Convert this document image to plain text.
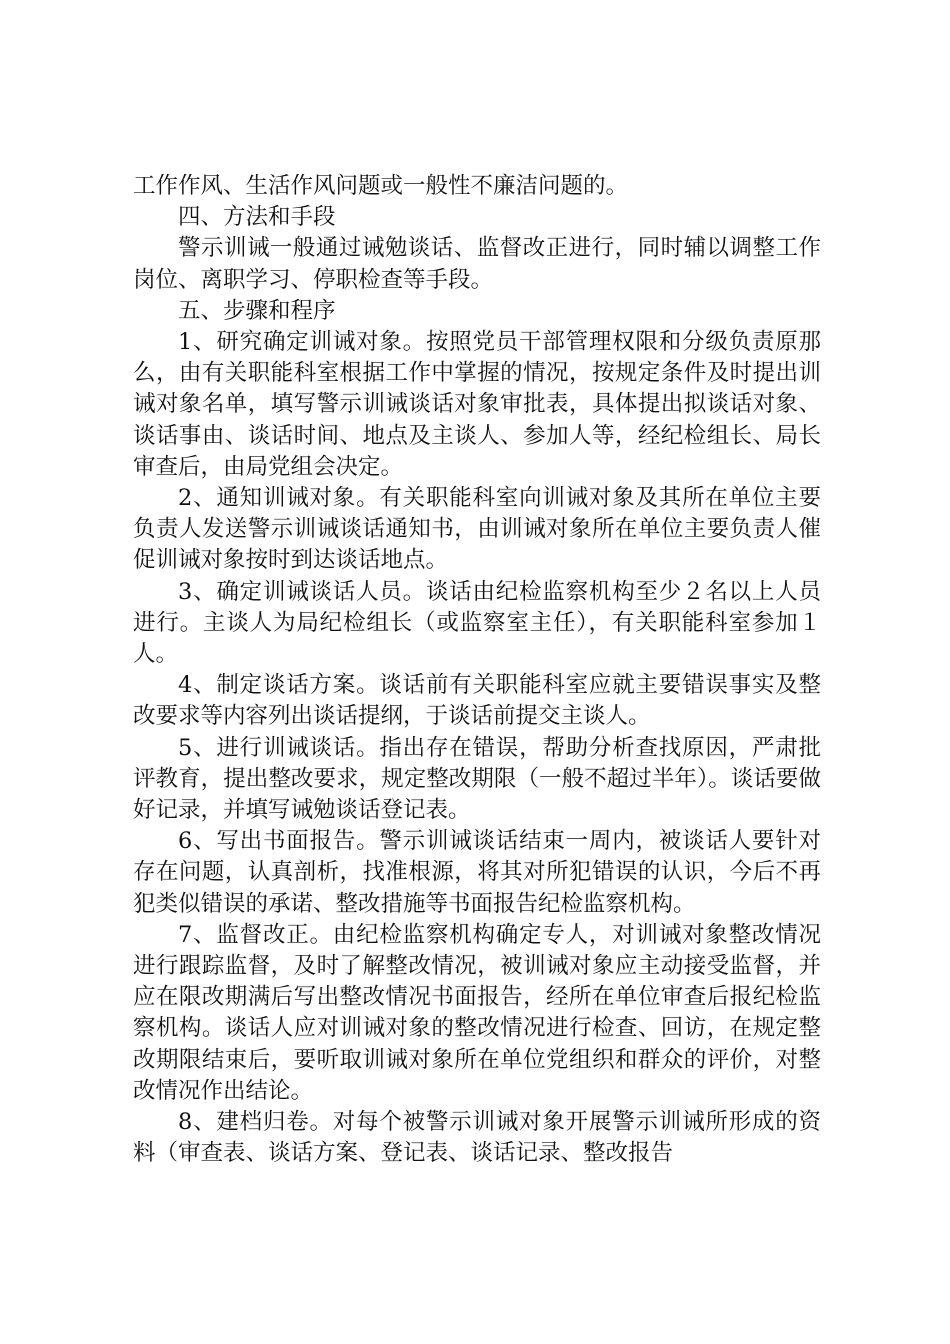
工作作风、生活作风问题或一般性不廉洁问题的。

四、方法和手段

警示训诫一般通过诫勉谈话、监督改正进行，同时辅以调整工作岗位、离职学习、停职检查等手段。

五、步骤和程序

1、研究确定训诫对象。按照党员干部管理权限和分级负责原那么，由有关职能科室根据工作中掌握的情况，按规定条件及时提出训诫对象名单，填写警示训诫谈话对象审批表，具体提出拟谈话对象、谈话事由、谈话时间、地点及主谈人、参加人等，经纪检组长、局长审查后，由局党组会决定。

2、通知训诫对象。有关职能科室向训诫对象及其所在单位主要负责人发送警示训诫谈话通知书，由训诫对象所在单位主要负责人催促训诫对象按时到达谈话地点。

3、确定训诫谈话人员。谈话由纪检监察机构至少２名以上人员进行。主谈人为局纪检组长（或监察室主任），有关职能科室参加１人。

4、制定谈话方案。谈话前有关职能科室应就主要错误事实及整改要求等内容列出谈话提纲，于谈话前提交主谈人。

5、进行训诫谈话。指出存在错误，帮助分析查找原因，严肃批评教育，提出整改要求，规定整改期限（一般不超过半年）。谈话要做好记录，并填写诫勉谈话登记表。

6、写出书面报告。警示训诫谈话结束一周内，被谈话人要针对存在问题，认真剖析，找准根源，将其对所犯错误的认识，今后不再犯类似错误的承诺、整改措施等书面报告纪检监察机构。

7、监督改正。由纪检监察机构确定专人，对训诫对象整改情况进行跟踪监督，及时了解整改情况，被训诫对象应主动接受监督，并应在限改期满后写出整改情况书面报告，经所在单位审查后报纪检监察机构。谈话人应对训诫对象的整改情况进行检查、回访，在规定整改期限结束后，要听取训诫对象所在单位党组织和群众的评价，对整改情况作出结论。

8、建档归卷。对每个被警示训诫对象开展警示训诫所形成的资料（审查表、谈话方案、登记表、谈话记录、整改报告
